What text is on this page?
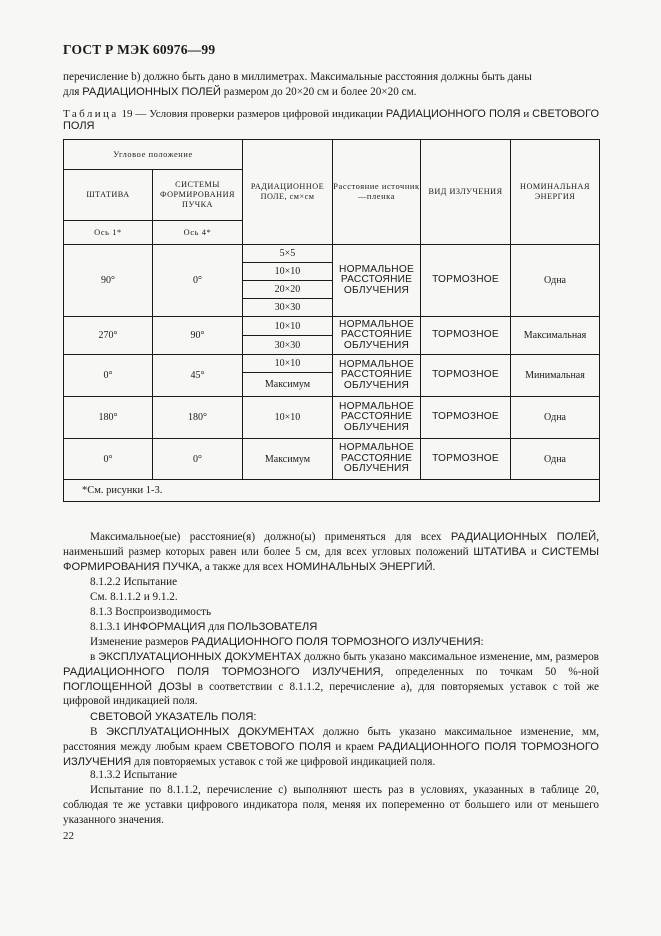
ГОСТ Р МЭК 60976—99
перечисление b) должно быть дано в миллиметрах. Максимальные расстояния должны быть даны
для РАДИАЦИОННЫХ ПОЛЕЙ размером до 20×20 см и более 20×20 см.
Таблица 19 — Условия проверки размеров цифровой индикации РАДИАЦИОННОГО ПОЛЯ и СВЕТОВОГО ПОЛЯ
Угловое положение		РАДИАЦИОННОЕ ПОЛЕ, см×см	Расстояние источник—пленка	ВИД ИЗЛУЧЕНИЯ	НОМИНАЛЬНАЯ ЭНЕРГИЯ
ШТАТИВА	СИСТЕМЫ ФОРМИРОВАНИЯ ПУЧКА				
Ось 1*	Ось 4*				
90°	0°	5×5	НОРМАЛЬНОЕ РАССТОЯНИЕ ОБЛУЧЕНИЯ	ТОРМОЗНОЕ	Одна
		10×10			
		20×20			
		30×30			
270°	90°	10×10	НОРМАЛЬНОЕ РАССТОЯНИЕ ОБЛУЧЕНИЯ	ТОРМОЗНОЕ	Максимальная
		30×30			
0°	45°	10×10	НОРМАЛЬНОЕ РАССТОЯНИЕ ОБЛУЧЕНИЯ	ТОРМОЗНОЕ	Минимальная
		Максимум			
180°	180°	10×10	НОРМАЛЬНОЕ РАССТОЯНИЕ ОБЛУЧЕНИЯ	ТОРМОЗНОЕ	Одна
0°	0°	Максимум	НОРМАЛЬНОЕ РАССТОЯНИЕ ОБЛУЧЕНИЯ	ТОРМОЗНОЕ	Одна
*См. рисунки 1-3.					
Максимальное(ые) расстояние(я) должно(ы) применяться для всех РАДИАЦИОННЫХ ПОЛЕЙ, наименьший размер которых равен или более 5 см, для всех угловых положений ШТАТИВА и СИСТЕМЫ ФОРМИРОВАНИЯ ПУЧКА, а также для всех НОМИНАЛЬНЫХ ЭНЕРГИЙ.
8.1.2.2 Испытание
См. 8.1.1.2 и 9.1.2.
8.1.3 Воспроизводимость
8.1.3.1 ИНФОРМАЦИЯ для ПОЛЬЗОВАТЕЛЯ
Изменение размеров РАДИАЦИОННОГО ПОЛЯ ТОРМОЗНОГО ИЗЛУЧЕНИЯ:
в ЭКСПЛУАТАЦИОННЫХ ДОКУМЕНТАХ должно быть указано максимальное изменение, мм, размеров РАДИАЦИОННОГО ПОЛЯ ТОРМОЗНОГО ИЗЛУЧЕНИЯ, определенных по точкам 50 %-ной ПОГЛОЩЕННОЙ ДОЗЫ в соответствии с 8.1.1.2, перечисление а), для повторяемых уставок с той же цифровой индикацией поля.
СВЕТОВОЙ УКАЗАТЕЛЬ ПОЛЯ:
В ЭКСПЛУАТАЦИОННЫХ ДОКУМЕНТАХ должно быть указано максимальное изменение, мм, расстояния между любым краем СВЕТОВОГО ПОЛЯ и краем РАДИАЦИОННОГО ПОЛЯ ТОРМОЗНОГО ИЗЛУЧЕНИЯ для повторяемых уставок с той же цифровой индикацией поля.
8.1.3.2 Испытание
Испытание по 8.1.1.2, перечисление с) выполняют шесть раз в условиях, указанных в таблице 20, соблюдая те же уставки цифрового индикатора поля, меняя их попеременно от большего или от меньшего указанного значения.
22
